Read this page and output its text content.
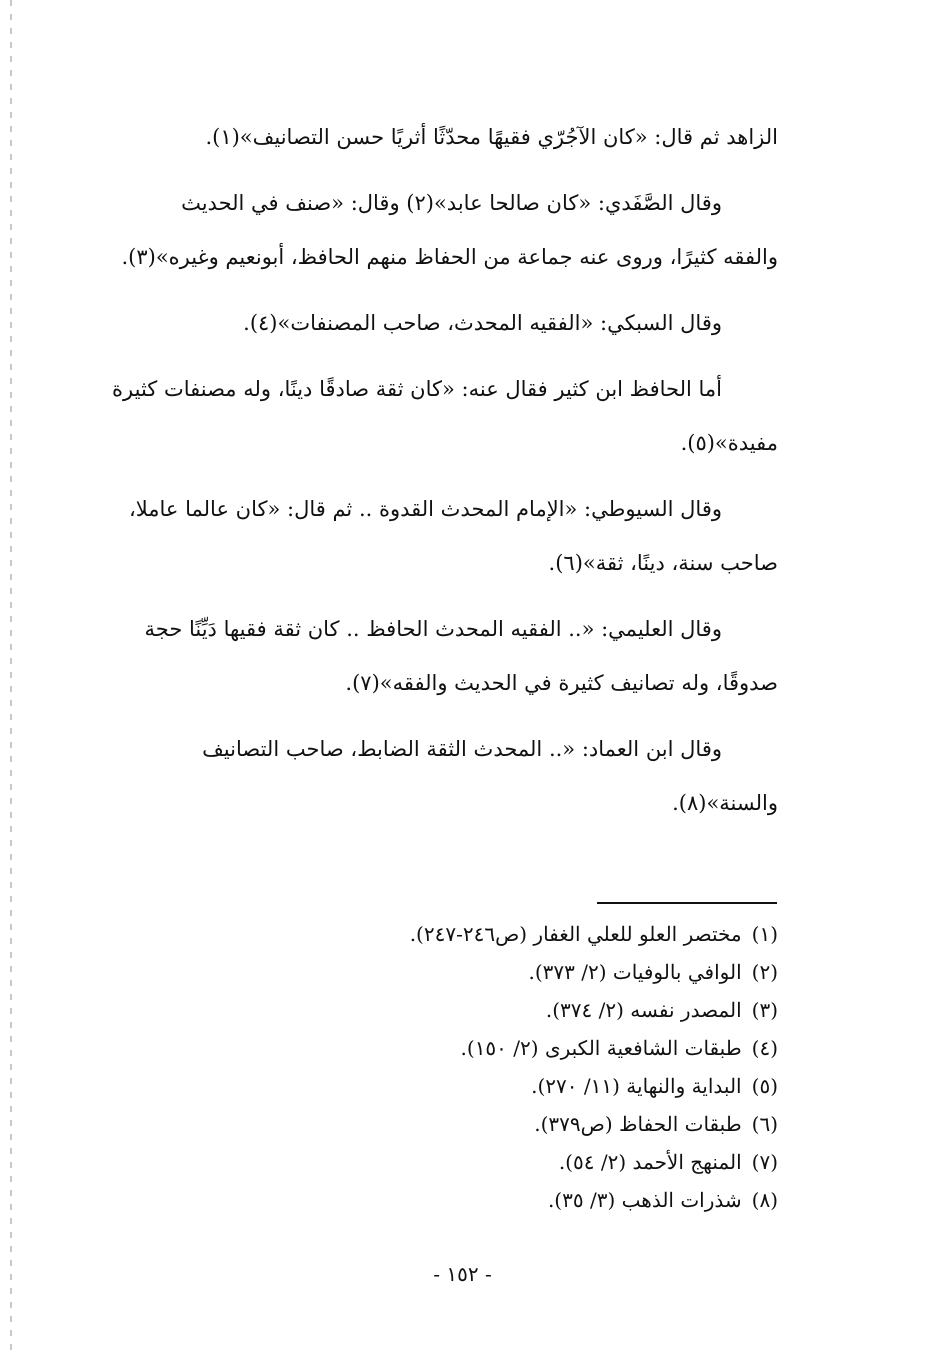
الزاهد ثم قال: «كان الآجُرّي فقيهًا محدّثًا أثريًا حسن التصانيف»(١).
وقال الصَّفَدي: «كان صالحا عابد»(٢) وقال: «صنف في الحديث
والفقه كثيرًا، وروى عنه جماعة من الحفاظ منهم الحافظ، أبونعيم وغيره»(٣).
وقال السبكي: «الفقيه المحدث، صاحب المصنفات»(٤).
أما الحافظ ابن كثير فقال عنه: «كان ثقة صادقًا دينًا، وله مصنفات كثيرة
مفيدة»(٥).
وقال السيوطي: «الإمام المحدث القدوة .. ثم قال: «كان عالما عاملا،
صاحب سنة، دينًا، ثقة»(٦).
وقال العليمي: «.. الفقيه المحدث الحافظ .. كان ثقة فقيها دَيِّنًا حجة
صدوقًا، وله تصانيف كثيرة في الحديث والفقه»(٧).
وقال ابن العماد: «.. المحدث الثقة الضابط، صاحب التصانيف
والسنة»(٨).
(١)مختصر العلو للعلي الغفار (ص٢٤٦-٢٤٧).
(٢)الوافي بالوفيات (٢/ ٣٧٣).
(٣)المصدر نفسه (٢/ ٣٧٤).
(٤)طبقات الشافعية الكبرى (٢/ ١٥٠).
(٥)البداية والنهاية (١١/ ٢٧٠).
(٦)طبقات الحفاظ (ص٣٧٩).
(٧)المنهج الأحمد (٢/ ٥٤).
(٨)شذرات الذهب (٣/ ٣٥).
- ١٥٢ -
